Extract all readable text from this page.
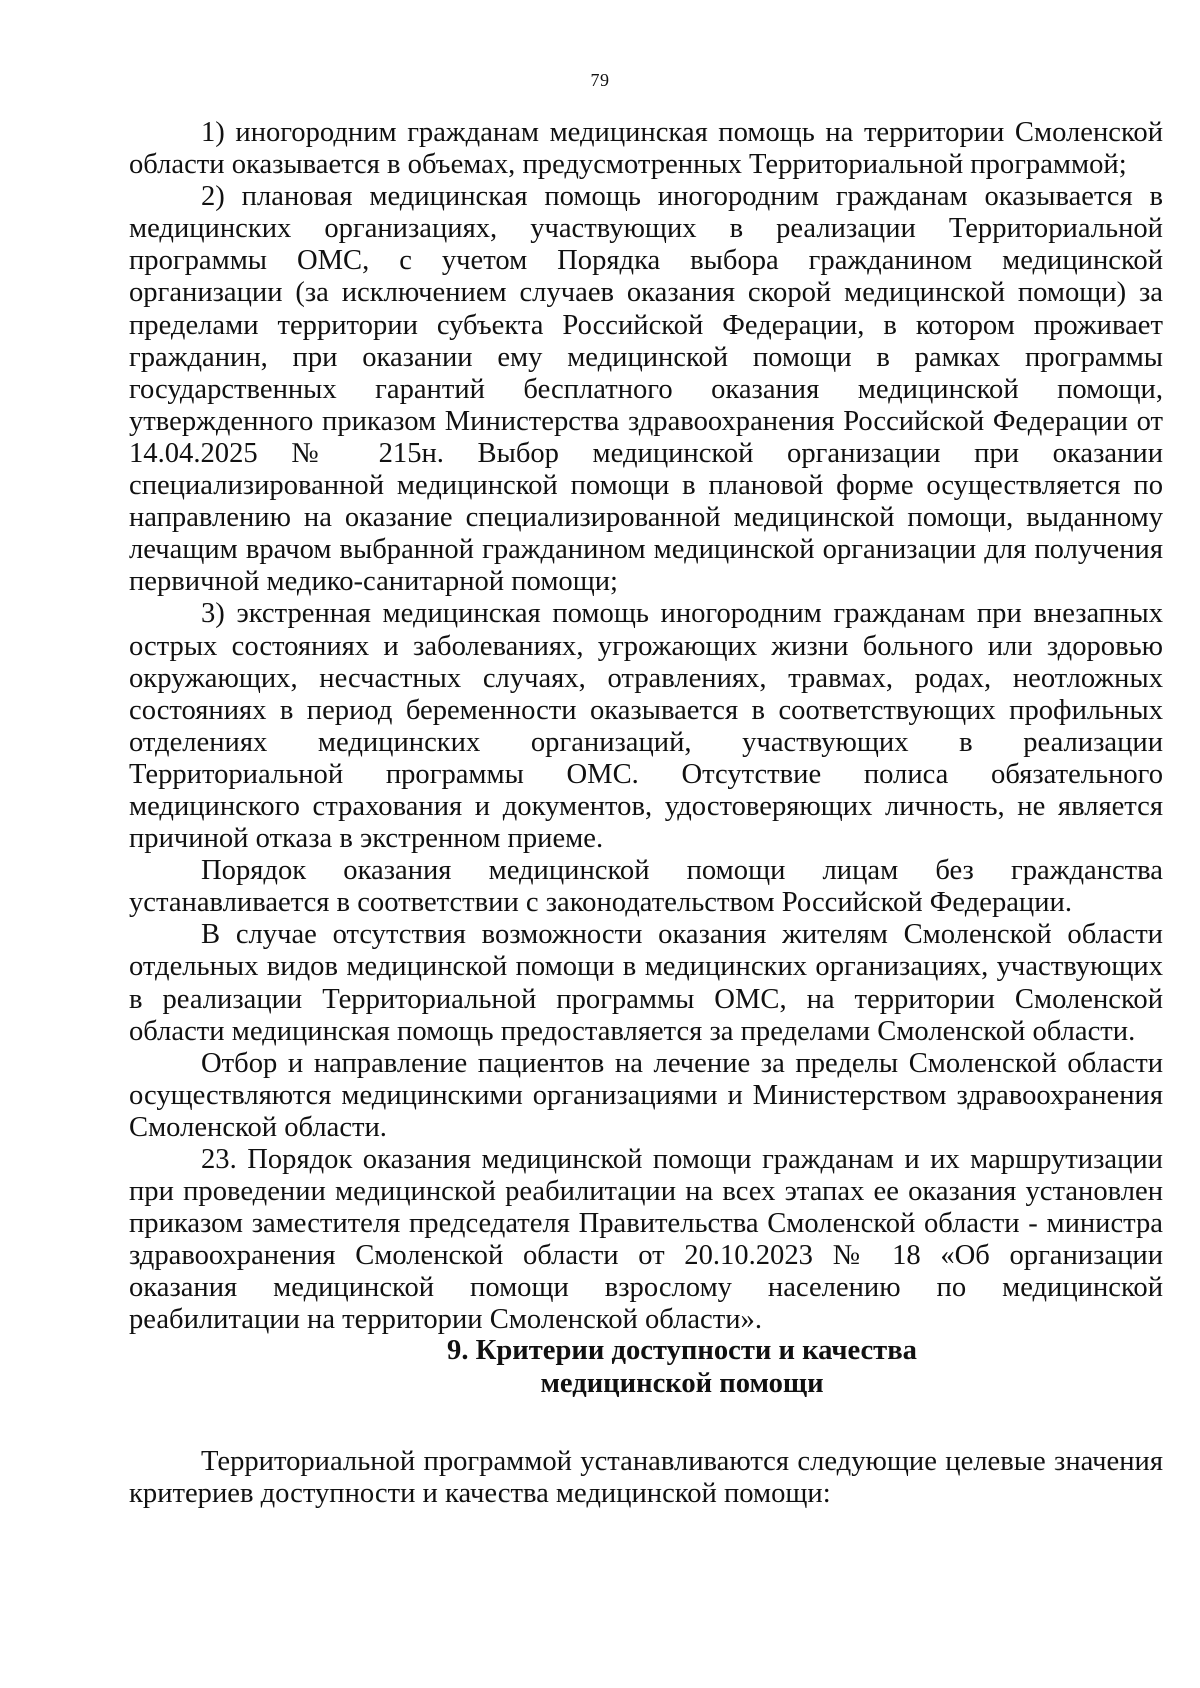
79

1) иногородним гражданам медицинская помощь на территории Смоленской области оказывается в объемах, предусмотренных Территориальной программой;

2) плановая медицинская помощь иногородним гражданам оказывается в медицинских организациях, участвующих в реализации Территориальной программы ОМС, с учетом Порядка выбора гражданином медицинской организации (за исключением случаев оказания скорой медицинской помощи) за пределами территории субъекта Российской Федерации, в котором проживает гражданин, при оказании ему медицинской помощи в рамках программы государственных гарантий бесплатного оказания медицинской помощи, утвержденного приказом Министерства здравоохранения Российской Федерации от 14.04.2025 № 215н. Выбор медицинской организации при оказании специализированной медицинской помощи в плановой форме осуществляется по направлению на оказание специализированной медицинской помощи, выданному лечащим врачом выбранной гражданином медицинской организации для получения первичной медико-санитарной помощи;

3) экстренная медицинская помощь иногородним гражданам при внезапных острых состояниях и заболеваниях, угрожающих жизни больного или здоровью окружающих, несчастных случаях, отравлениях, травмах, родах, неотложных состояниях в период беременности оказывается в соответствующих профильных отделениях медицинских организаций, участвующих в реализации Территориальной программы ОМС. Отсутствие полиса обязательного медицинского страхования и документов, удостоверяющих личность, не является причиной отказа в экстренном приеме.

Порядок оказания медицинской помощи лицам без гражданства устанавливается в соответствии с законодательством Российской Федерации.

В случае отсутствия возможности оказания жителям Смоленской области отдельных видов медицинской помощи в медицинских организациях, участвующих в реализации Территориальной программы ОМС, на территории Смоленской области медицинская помощь предоставляется за пределами Смоленской области.

Отбор и направление пациентов на лечение за пределы Смоленской области осуществляются медицинскими организациями и Министерством здравоохранения Смоленской области.

23. Порядок оказания медицинской помощи гражданам и их маршрутизации при проведении медицинской реабилитации на всех этапах ее оказания установлен приказом заместителя председателя Правительства Смоленской области - министра здравоохранения Смоленской области от 20.10.2023 № 18 «Об организации оказания медицинской помощи взрослому населению по медицинской реабилитации на территории Смоленской области».

9. Критерии доступности и качества
медицинской помощи

Территориальной программой устанавливаются следующие целевые значения критериев доступности и качества медицинской помощи:
